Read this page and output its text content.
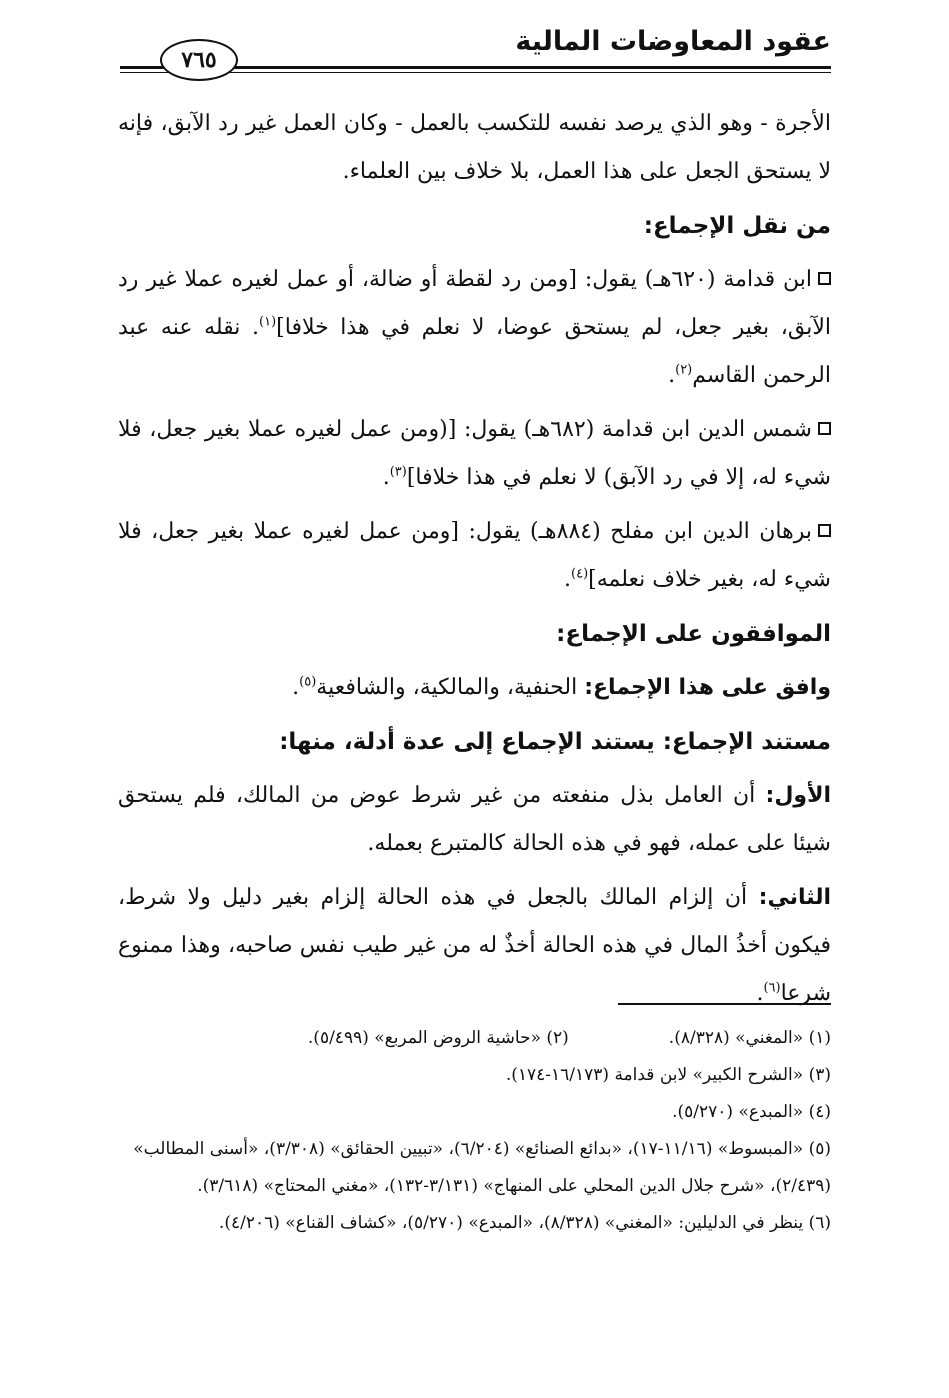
عقود المعاوضات المالية
٧٦٥

الأجرة - وهو الذي يرصد نفسه للتكسب بالعمل - وكان العمل غير رد الآبق، فإنه لا يستحق الجعل على هذا العمل، بلا خلاف بين العلماء.

من نقل الإجماع:

ابن قدامة (٦٢٠هـ) يقول: [ومن رد لقطة أو ضالة، أو عمل لغيره عملا غير رد الآبق، بغير جعل، لم يستحق عوضا، لا نعلم في هذا خلافا]$^{(١)}$. نقله عنه عبد الرحمن القاسم$^{(٢)}$.

شمس الدين ابن قدامة (٦٨٢هـ) يقول: [(ومن عمل لغيره عملا بغير جعل، فلا شيء له، إلا في رد الآبق) لا نعلم في هذا خلافا]$^{(٣)}$.

برهان الدين ابن مفلح (٨٨٤هـ) يقول: [ومن عمل لغيره عملا بغير جعل، فلا شيء له، بغير خلاف نعلمه]$^{(٤)}$.

الموافقون على الإجماع:

وافق على هذا الإجماع: الحنفية، والمالكية، والشافعية$^{(٥)}$.

مستند الإجماع: يستند الإجماع إلى عدة أدلة، منها:

الأول: أن العامل بذل منفعته من غير شرط عوض من المالك، فلم يستحق شيئا على عمله، فهو في هذه الحالة كالمتبرع بعمله.

الثاني: أن إلزام المالك بالجعل في هذه الحالة إلزام بغير دليل ولا شرط، فيكون أخذُ المال في هذه الحالة أخذٌ له من غير طيب نفس صاحبه، وهذا ممنوع شرعا$^{(٦)}$.

(١) «المغني» (٨/٣٢٨).

(٢) «حاشية الروض المربع» (٥/٤٩٩).

(٣) «الشرح الكبير» لابن قدامة (١٦/١٧٣-١٧٤).

(٤) «المبدع» (٥/٢٧٠).

(٥) «المبسوط» (١١/١٦-١٧)، «بدائع الصنائع» (٦/٢٠٤)، «تبيين الحقائق» (٣/٣٠٨)، «أسنى المطالب» (٢/٤٣٩)، «شرح جلال الدين المحلي على المنهاج» (٣/١٣١-١٣٢)، «مغني المحتاج» (٣/٦١٨).

(٦) ينظر في الدليلين: «المغني» (٨/٣٢٨)، «المبدع» (٥/٢٧٠)، «كشاف القناع» (٤/٢٠٦).
